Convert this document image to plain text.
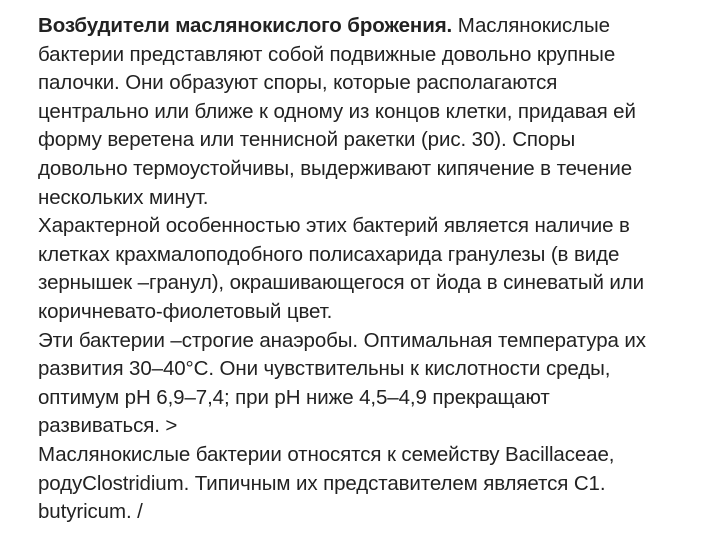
Возбудители маслянокислого брожения. Маслянокислые
бактерии представляют собой подвижные довольно крупные
палочки. Они образуют споры, которые располагаются
центрально или ближе к одному из концов клетки, придавая ей
форму веретена или теннисной ракетки (рис. 30). Споры
довольно термоустойчивы, выдерживают кипячение в течение
нескольких минут.
Характерной особенностью этих бактерий является наличие в
клетках крахмалоподобного полисахарида гранулезы (в виде
зернышек –гранул), окрашивающегося от йода в синеватый или
коричневато-фиолетовый цвет.
Эти бактерии –строгие анаэробы. Оптимальная температура их
развития 30–40°С. Они чувствительны к кислотности среды,
оптимум рН 6,9–7,4; при рН ниже 4,5–4,9 прекращают
развиваться. >
Маслянокислые бактерии относятся к семейству Bacillaceae,
родуClostridium. Типичным их представителем является C1.
butyricum. /
